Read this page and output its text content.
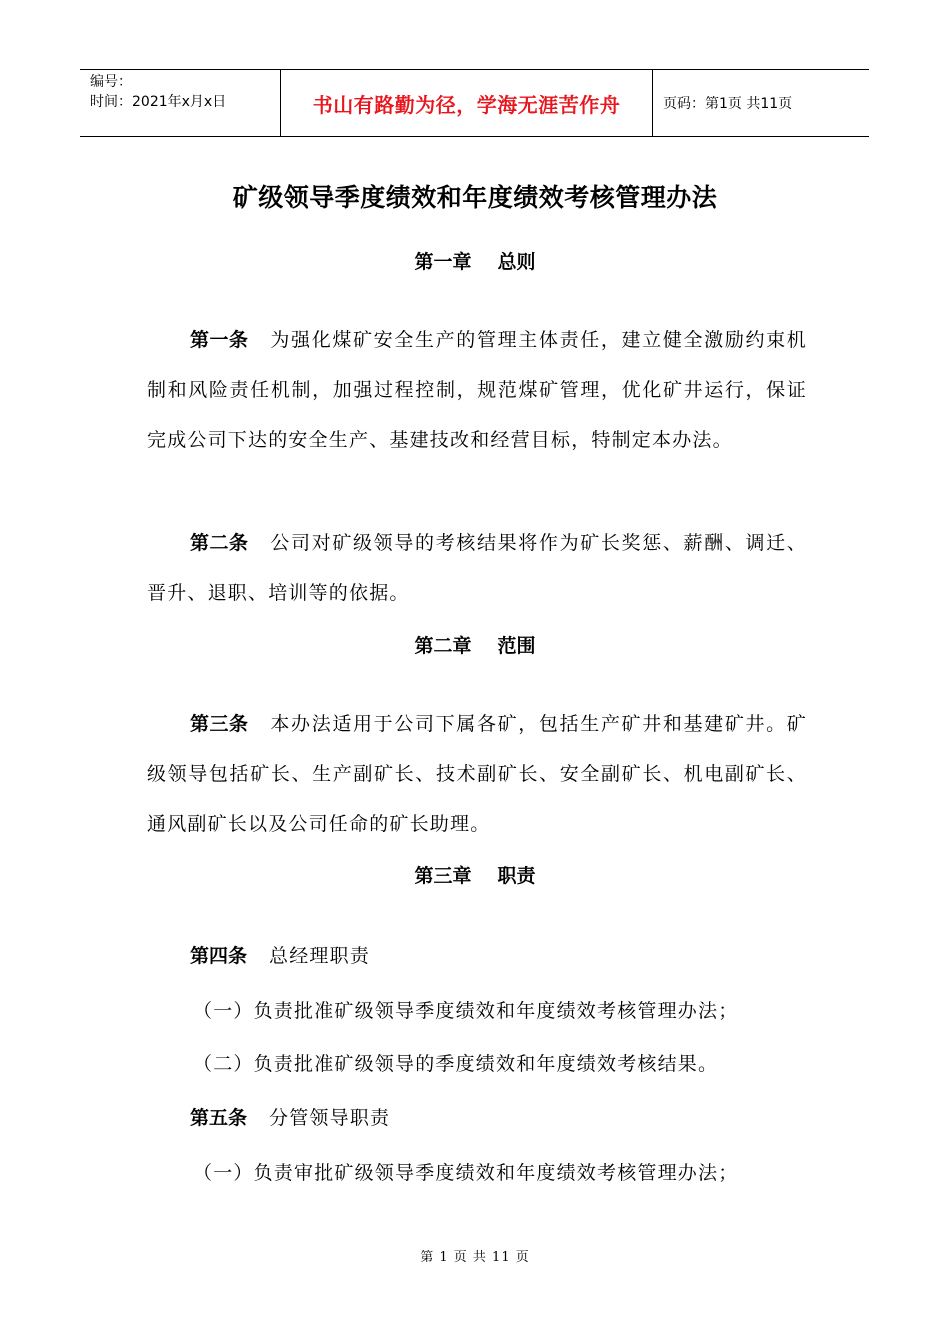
编号：
时间：2021年x月x日	书山有路勤为径，学海无涯苦作舟	页码：第1页 共11页
矿级领导季度绩效和年度绩效考核管理办法
第一章 总则
第一条 为强化煤矿安全生产的管理主体责任，建立健全激励约束机制和风险责任机制，加强过程控制，规范煤矿管理，优化矿井运行，保证完成公司下达的安全生产、基建技改和经营目标，特制定本办法。
第二条 公司对矿级领导的考核结果将作为矿长奖惩、薪酬、调迁、晋升、退职、培训等的依据。
第二章 范围
第三条 本办法适用于公司下属各矿，包括生产矿井和基建矿井。矿级领导包括矿长、生产副矿长、技术副矿长、安全副矿长、机电副矿长、通风副矿长以及公司任命的矿长助理。
第三章 职责
第四条 总经理职责
（一）负责批准矿级领导季度绩效和年度绩效考核管理办法；
（二）负责批准矿级领导的季度绩效和年度绩效考核结果。
第五条 分管领导职责
（一）负责审批矿级领导季度绩效和年度绩效考核管理办法；
第 1 页 共 11 页
